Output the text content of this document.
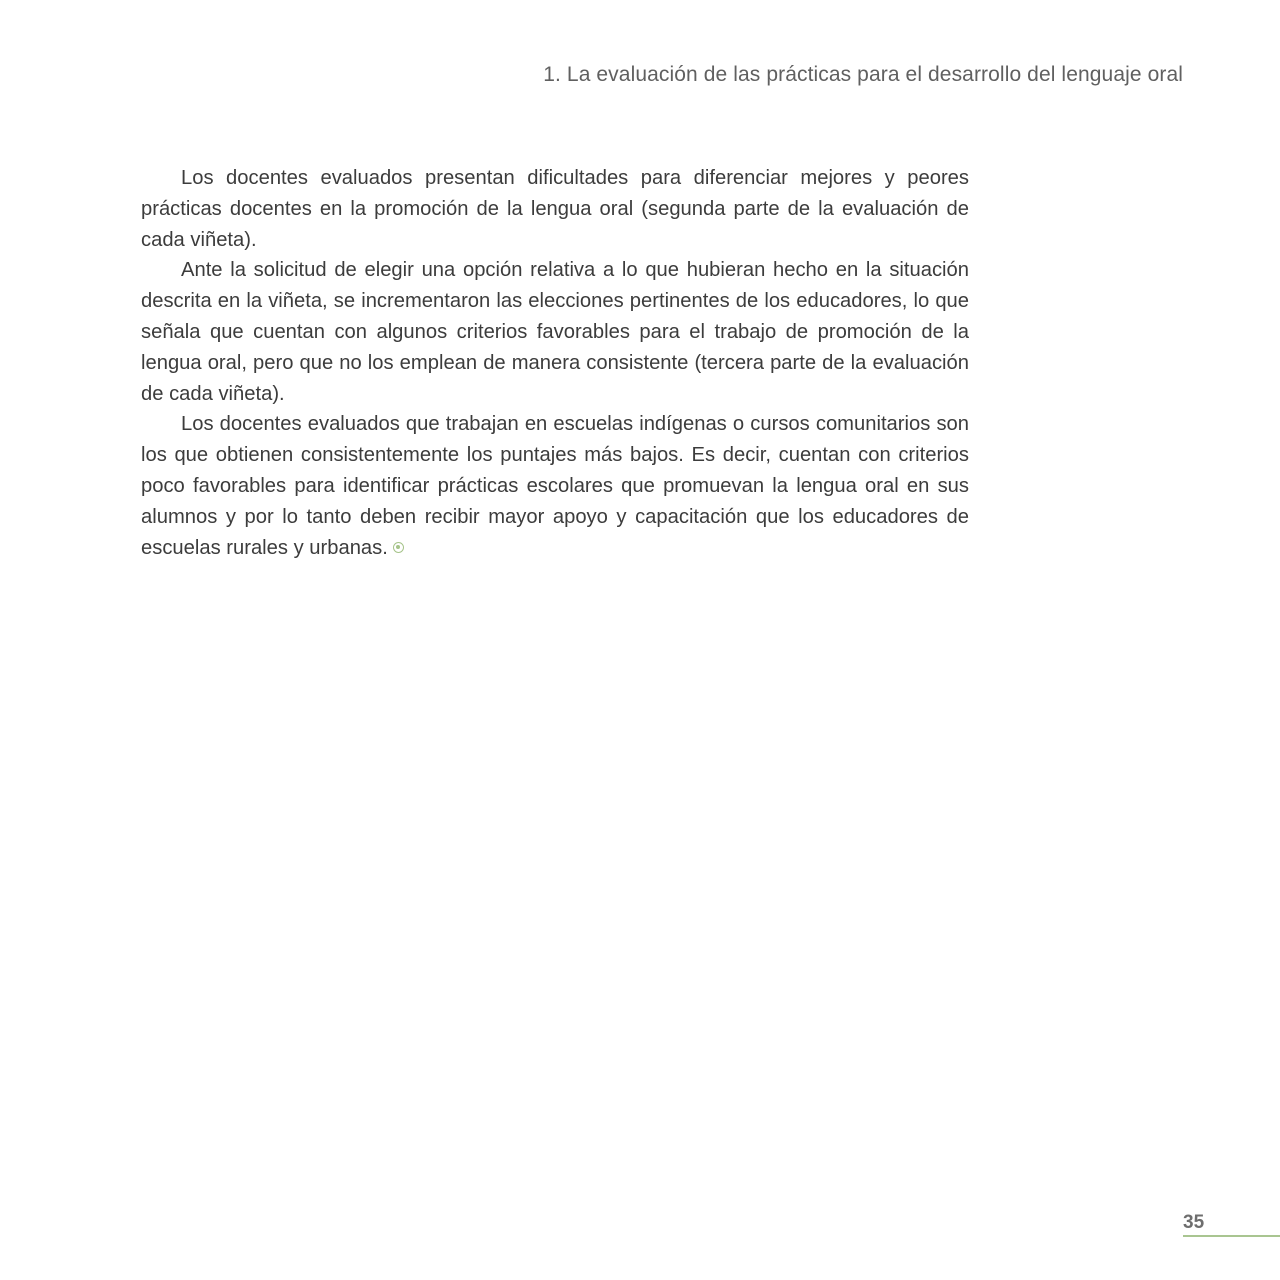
1. La evaluación de las prácticas para el desarrollo del lenguaje oral

Los docentes evaluados presentan dificultades para diferenciar mejores y peores prácticas docentes en la promoción de la lengua oral (segunda parte de la evaluación de cada viñeta).

Ante la solicitud de elegir una opción relativa a lo que hubieran hecho en la situación descrita en la viñeta, se incrementaron las elecciones pertinentes de los educadores, lo que señala que cuentan con algunos criterios favorables para el trabajo de promoción de la lengua oral, pero que no los emplean de manera consistente (tercera parte de la evaluación de cada viñeta).

Los docentes evaluados que trabajan en escuelas indígenas o cursos comunitarios son los que obtienen consistentemente los puntajes más bajos. Es decir, cuentan con criterios poco favorables para identificar prácticas escolares que promuevan la lengua oral en sus alumnos y por lo tanto deben recibir mayor apoyo y capacitación que los educadores de escuelas rurales y urbanas.

35
